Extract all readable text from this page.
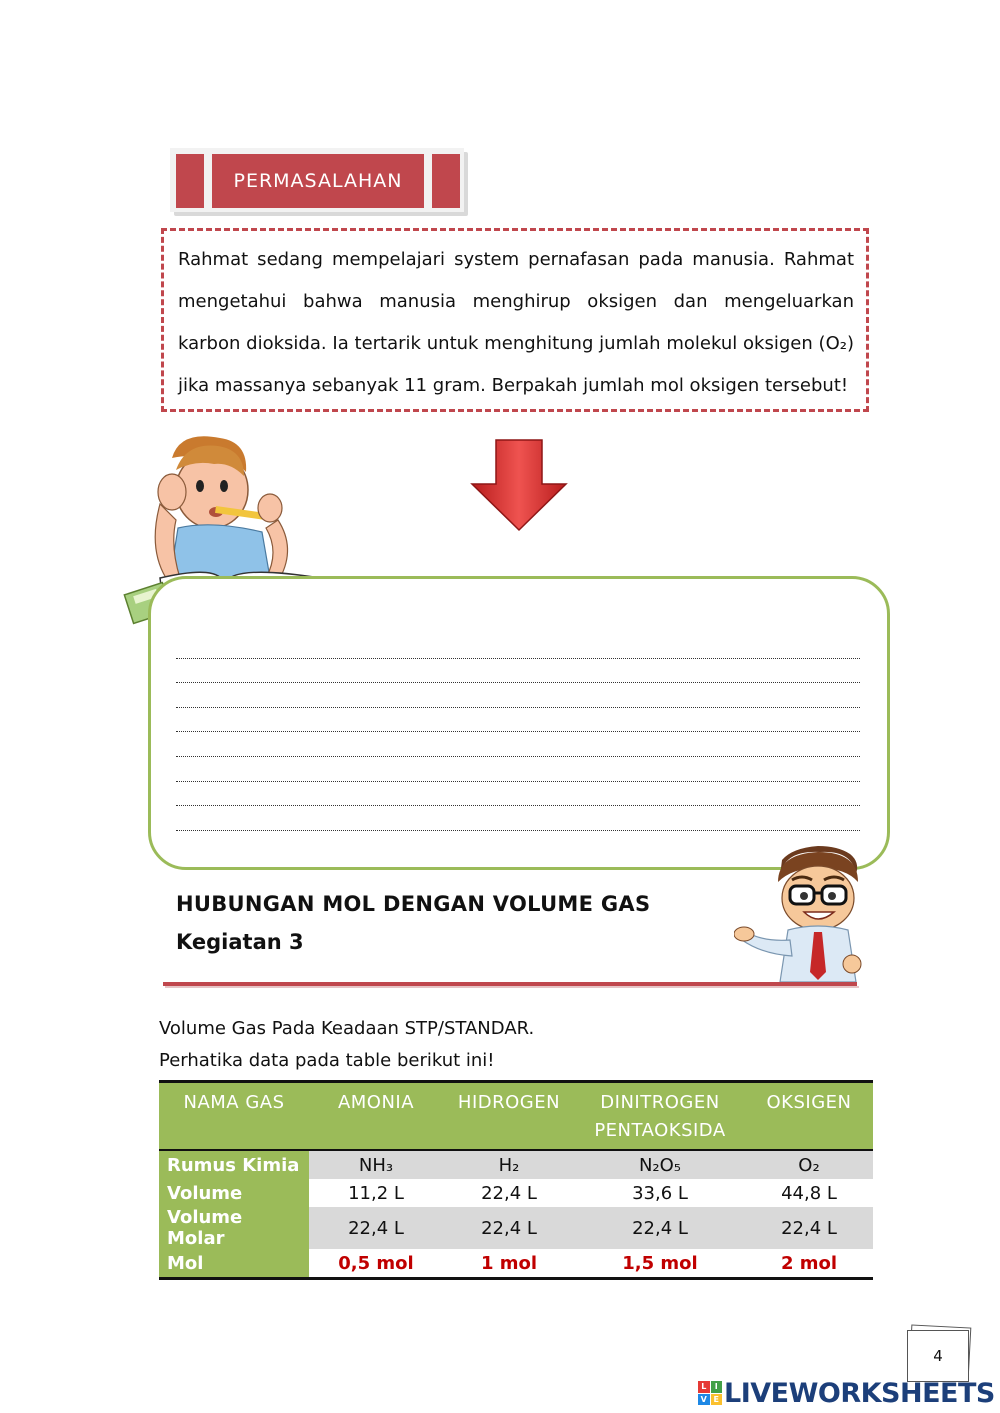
PERMASALAHAN

Rahmat sedang mempelajari system pernafasan pada manusia. Rahmat mengetahui bahwa manusia menghirup oksigen dan mengeluarkan karbon dioksida. Ia tertarik untuk menghitung jumlah molekul oksigen (O₂) jika massanya sebanyak 11 gram. Berpakah jumlah mol oksigen tersebut!

HUBUNGAN MOL DENGAN VOLUME GAS
Kegiatan 3
Volume Gas Pada Keadaan STP/STANDAR.
Perhatika data pada table berikut ini!
NAMA GAS	AMONIA	HIDROGEN	DINITROGEN PENTAOKSIDA	OKSIGEN
Rumus Kimia	NH₃	H₂	N₂O₅	O₂
Volume	11,2 L	22,4 L	33,6 L	44,8 L
Volume Molar	22,4 L	22,4 L	22,4 L	22,4 L
Mol	0,5 mol	1 mol	1,5 mol	2 mol
4
L	I
V E LIVEWORKSHEETS
